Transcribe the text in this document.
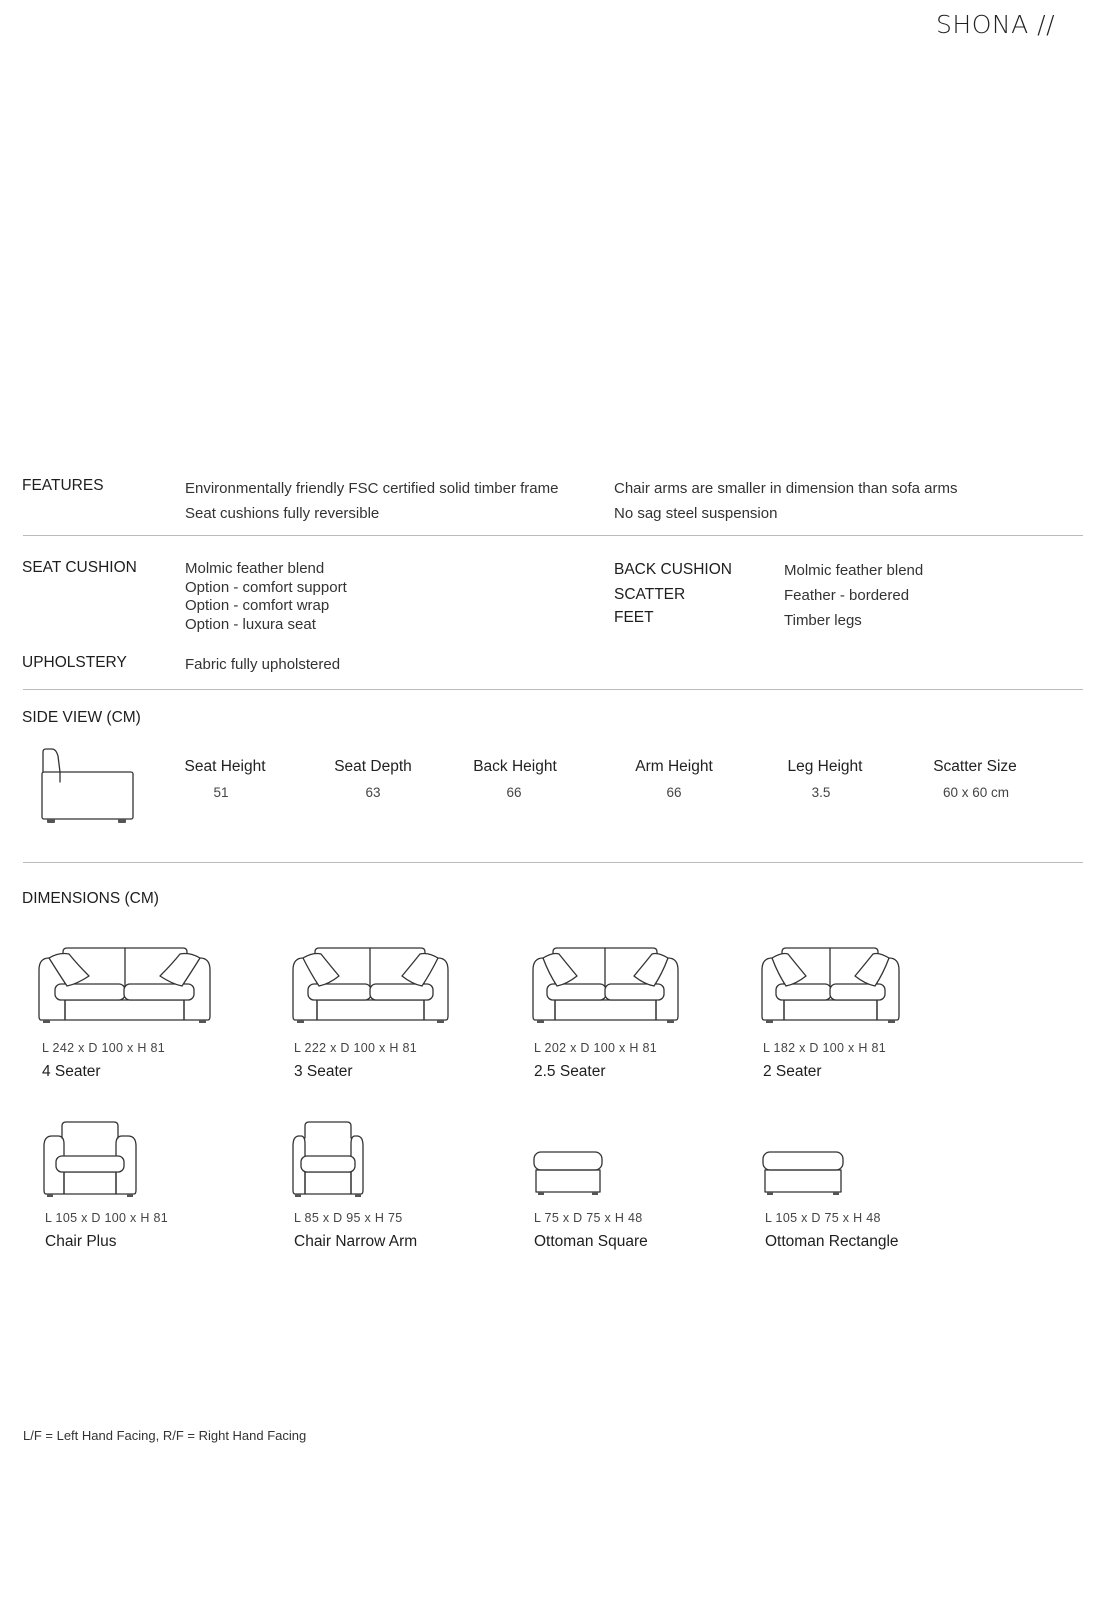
SHONA //
FEATURES	Environmentally friendly FSC certified solid timber frame
Seat cushions fully reversible
Chair arms are smaller in dimension than sofa arms
No sag steel suspension
SEAT CUSHION	Molmic feather blend
Option - comfort support
Option - comfort wrap
Option - luxura seat
BACK CUSHION	Molmic feather blend
SCATTER	Feather - bordered
FEET	Timber legs
UPHOLSTERY	Fabric fully upholstered
SIDE VIEW (CM)
Seat Height	Seat Depth	Back Height	Arm Height	Leg Height	Scatter Size
51	63	66	66	3.5	60 x 60 cm
DIMENSIONS (CM)
L 242 x D 100 x H 81
4 Seater
L 222 x D 100 x H 81
3 Seater
L 202 x D 100 x H 81
2.5 Seater
L 182 x D 100 x H 81
2 Seater
L 105 x D 100 x H 81
Chair Plus
L 85 x D 95 x H 75
Chair Narrow Arm
L 75 x D 75 x H 48
Ottoman Square
L 105 x D 75 x H 48
Ottoman Rectangle
L/F = Left Hand Facing, R/F = Right Hand Facing
